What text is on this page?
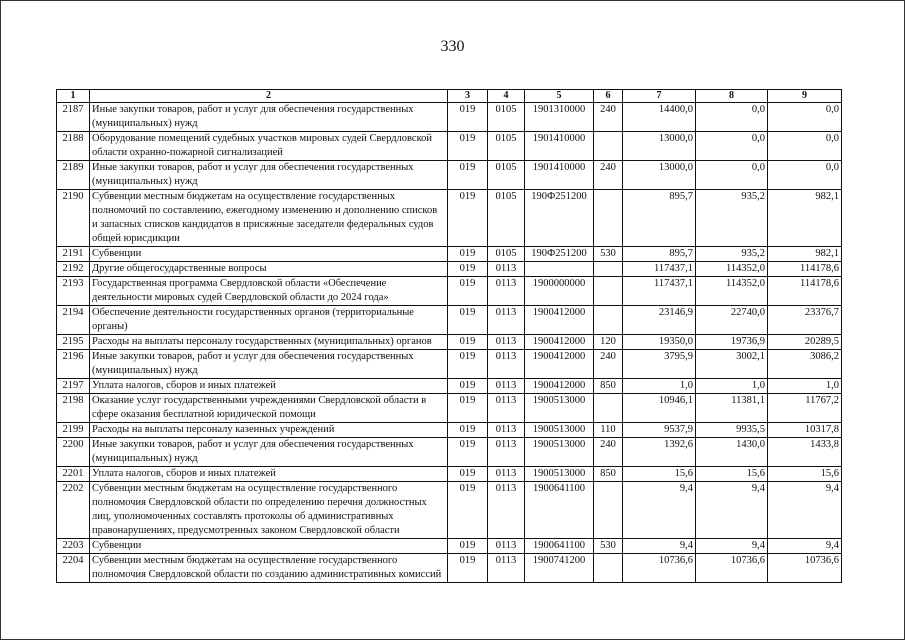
330
1	2	3	4	5	6	7	8	9
2187	Иные закупки товаров, работ и услуг для обеспечения государственных (муниципальных) нужд	019	0105	1901310000	240	14400,0	0,0	0,0
2188	Оборудование помещений судебных участков мировых судей Свердловской области охранно-пожарной сигнализацией	019	0105	1901410000		13000,0	0,0	0,0
2189	Иные закупки товаров, работ и услуг для обеспечения государственных (муниципальных) нужд	019	0105	1901410000	240	13000,0	0,0	0,0
2190	Субвенции местным бюджетам на осуществление государственных полномочий по составлению, ежегодному изменению и дополнению списков и запасных списков кандидатов в присяжные заседатели федеральных судов общей юрисдикции	019	0105	190Ф251200		895,7	935,2	982,1
2191	Субвенции	019	0105	190Ф251200	530	895,7	935,2	982,1
2192	Другие общегосударственные вопросы	019	0113			117437,1	114352,0	114178,6
2193	Государственная программа Свердловской области «Обеспечение деятельности мировых судей Свердловской области до 2024 года»	019	0113	1900000000		117437,1	114352,0	114178,6
2194	Обеспечение деятельности государственных органов (территориальные органы)	019	0113	1900412000		23146,9	22740,0	23376,7
2195	Расходы на выплаты персоналу государственных (муниципальных) органов	019	0113	1900412000	120	19350,0	19736,9	20289,5
2196	Иные закупки товаров, работ и услуг для обеспечения государственных (муниципальных) нужд	019	0113	1900412000	240	3795,9	3002,1	3086,2
2197	Уплата налогов, сборов и иных платежей	019	0113	1900412000	850	1,0	1,0	1,0
2198	Оказание услуг государственными учреждениями Свердловской области в сфере оказания бесплатной юридической помощи	019	0113	1900513000		10946,1	11381,1	11767,2
2199	Расходы на выплаты персоналу казенных учреждений	019	0113	1900513000	110	9537,9	9935,5	10317,8
2200	Иные закупки товаров, работ и услуг для обеспечения государственных (муниципальных) нужд	019	0113	1900513000	240	1392,6	1430,0	1433,8
2201	Уплата налогов, сборов и иных платежей	019	0113	1900513000	850	15,6	15,6	15,6
2202	Субвенции местным бюджетам на осуществление государственного полномочия Свердловской области по определению перечня должностных лиц, уполномоченных составлять протоколы об административных правонарушениях, предусмотренных законом Свердловской области	019	0113	1900641100		9,4	9,4	9,4
2203	Субвенции	019	0113	1900641100	530	9,4	9,4	9,4
2204	Субвенции местным бюджетам на осуществление государственного полномочия Свердловской области по созданию административных комиссий	019	0113	1900741200		10736,6	10736,6	10736,6
